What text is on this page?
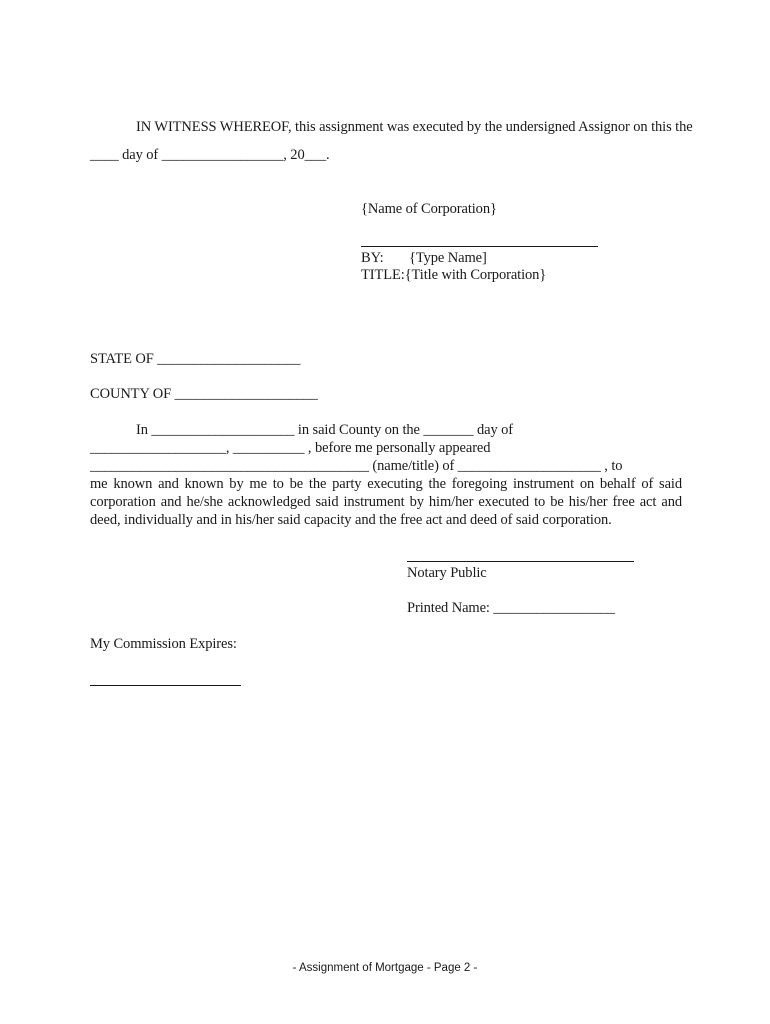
IN WITNESS WHEREOF, this assignment was executed by the undersigned Assignor on this the
____ day of _________________, 20___.
{Name of Corporation}
BY: {Type Name]
TITLE:{Title with Corporation}
STATE OF ____________________
COUNTY OF ____________________
In ____________________ in said County on the _______ day of
___________________, __________ , before me personally appeared
_______________________________________ (name/title) of ____________________ , to
me known and known by me to be the party executing the foregoing instrument on behalf of said corporation and he/she acknowledged said instrument by him/her executed to be his/her free act and deed, individually and in his/her said capacity and the free act and deed of said corporation.
Notary Public
Printed Name: _________________
My Commission Expires:
- Assignment of Mortgage - Page 2 -
